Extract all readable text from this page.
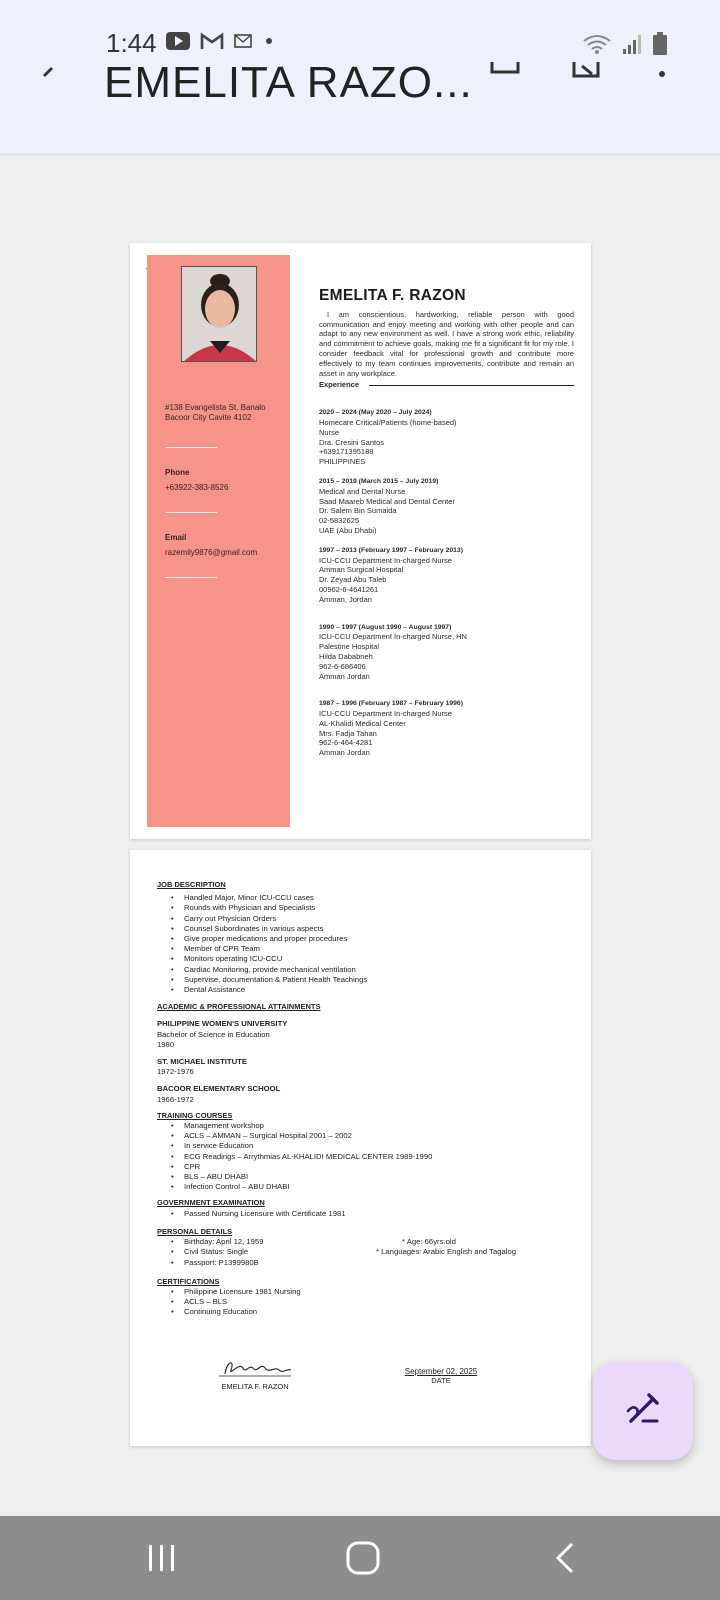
1:44
EMELITA RAZO...
#138 Evangelista St. Banalo
Bacoor City Cavite 4102
Phone
+63922-383-8526
Email
razemily9876@gmail.com
EMELITA F. RAZON
I am conscientious, hardworking, reliable person with good communication and enjoy meeting and working with other people and can adapt to any new environment as well. I have a strong work ethic, reliability and commitment to achieve goals, making me fit a significant fit for my role. I consider feedback vital for professional growth and contribute more effectively to my team continues improvements, contribute and remain an asset in any workplace.
Experience
2020 – 2024 (May 2020 – July 2024)
Homecare Critical/Patients (home-based)
Nurse
Dra. Cresini Santos
+639171395188
PHILIPPINES
2015 – 2019 (March 2015 – July 2019)
Medical and Dental Nurse
Saad Maareb Medical and Dental Center
Dr. Salem Bin Sumaida
02-5832625
UAE (Abu Dhabi)
1997 – 2013 (February 1997 – February 2013)
ICU-CCU Department In-charged Nurse
Amman Surgical Hospital
Dr. Zeyad Abu Taleb
00962-6-4641261
Amman, Jordan
1990 – 1997 (August 1990 – August 1997)
ICU-CCU Department In-charged Nurse, HN
Palestine Hospital
Hilda Dababneh
962-6-686406
Amman Jordan
1987 – 1996 (February 1987 – February 1996)
ICU-CCU Department In-charged Nurse
AL-Khalidi Medical Center
Mrs. Fadja Tahan
962-6-464-4281
Amman Jordan
JOB DESCRIPTION
• Handled Major, Minor ICU-CCU cases
• Rounds with Physician and Specialists
• Carry out Physician Orders
• Counsel Subordinates in various aspects
• Give proper medications and proper procedures
• Member of CPR Team
• Monitors operating ICU-CCU
• Cardiac Monitoring, provide mechanical ventilation
• Supervise, documentation & Patient Health Teachings
• Dental Assistance
ACADEMIC & PROFESSIONAL ATTAINMENTS
PHILIPPINE WOMEN'S UNIVERSITY
Bachelor of Science in Education
1980
ST. MICHAEL INSTITUTE
1972-1976
BACOOR ELEMENTARY SCHOOL
1966-1972
TRAINING COURSES
• Management workshop
• ACLS – AMMAN – Surgical Hospital 2001 – 2002
• In service Education
• ECG Readings – Arrythmias AL-KHALIDI MEDICAL CENTER 1989-1990
• CPR
• BLS – ABU DHABI
• Infection Control – ABU DHABI
GOVERNMENT EXAMINATION
• Passed Nursing Licensure with Certificate 1981
PERSONAL DETAILS
• Birthday: April 12, 1959
• Civil Status: Single
• Passport: P1399980B
* Age: 66yrs.old
* Languages: Arabic English and Tagalog
CERTIFICATIONS
• Philippine Licensure 1981 Nursing
• ACLS – BLS
• Continuing Education
EMELITA F. RAZON
September 02, 2025
DATE
